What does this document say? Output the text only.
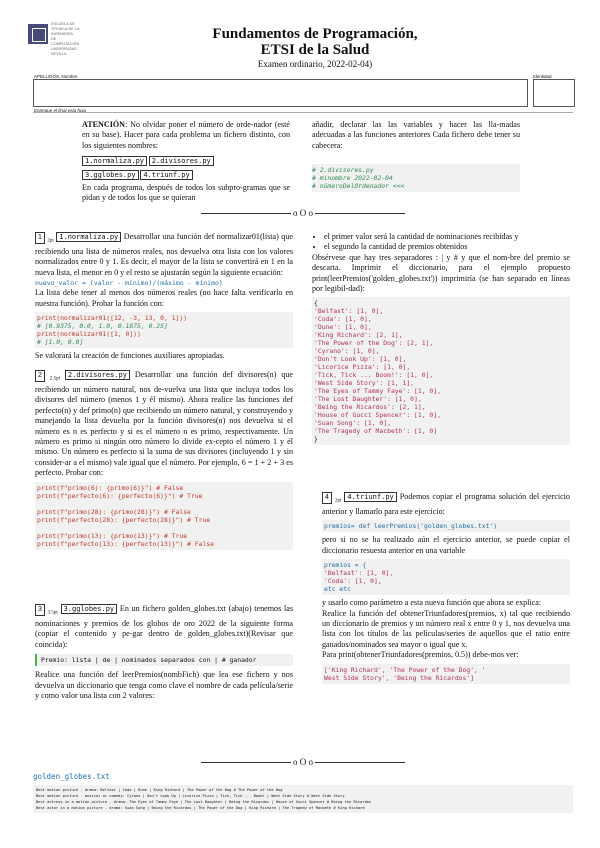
ESCUELA DE
TÉCNICA DE LA
INGENIERÍA
DE
COMPUTACIÓN
UNIVERSIDAD
SEVILLA
Fundamentos de Programación,
ETSI de la Salud
Examen ordinario, 2022-02-04)
APELLIDOS, Nombre	Identidad
Entregue el final esta hoja
ATENCIÓN: No olvidar poner el número de orde-nador (esté en su base). Hacer para cada problema un fichero distinto, con los siguientes nombres:
1.normaliza.py 2.divisores.py
3.gglobes.py 4.triunf.py
En cada programa, después de todos los subpro-gramas que se pidan y de todos los que se quieran
añadir, declarar las las variables y hacer las lla-madas adecuadas a las funciones anteriores Cada fichero debe tener su cabecera:
# 2.divisores.py
# minombre 2022-02-04
# númeroDelOrdenador <<<
o O o
1 $_{2pt}$ 1.normaliza.py Desarrollar una función def normalizar01(lista) que recibiendo una lista de números reales, nos devuelva otra lista con los valores normalizados entre 0 y 1. Es decir, el mayor de la lista se convertirá en 1 en la nueva lista, el menor en 0 y el resto se ajustarán según la siguiente ecuación:
nuevo_valor = (valor - mínimo)/(máximo - mínimo)
La lista debe tener al menos dos números reales (no hace falta verificarlo en nuestra función). Probar la función con:
print(normalizar01([12, -3, 13, 0, 1]))
# [0.9375, 0.0, 1.0, 0.1875, 0.25]
print(normalizar01([1, 0]))
# [1.0, 0.0]
Se valorará la creación de funciones auxiliares apropiadas.
2 $_{2.5pt}$ 2.divisores.py Desarrollar una función def divisores(n) que recibiendo un número natural, nos de-vuelva una lista que incluya todos los divisores del número (menos 1 y él mismo). Ahora realice las funciones def perfecto(n) y def primo(n) que recibiendo un número natural, y construyendo y manejando la lista devuelta por la función divisores(n) nos devuelva si el número es n es perfecto y si es el número n es primo, respectivamente. Un número es primo si ningún otro número lo divide ex-cepto el número 1 y él mismo. Un número es perfecto si la suma de sus divisores (incluyendo 1 y sin consider-ar a el mismo) vale igual que el número. Por ejemplo, 6 = 1 + 2 + 3 es perfecto. Probar con:
print(f"primo(6): {primo(6)}") # False
print(f"perfecto(6): {perfecto(6)}") # True
print(f"primo(28): {primo(28)}") # False
print(f"perfecto(28): {perfecto(28)}") # True
print(f"primo(13): {primo(13)}") # True
print(f"perfecto(13): {perfecto(13)}") # False
3 $_{3.5pt}$ 3.gglobes.py En un fichero golden_globes.txt (abajo) tenemos las nominaciones y premios de los globos de oro 2022 de la siguiente forma (copiar el contenido y pe-gar dentro de golden_globes.txt)(Revisar que coincida):
Premio: lista | de | nominados separados con | # ganador
Realice una función def leerPremios(nombFich) que lea ese fichero y nos devuelva un diccionario que tenga como clave el nombre de cada película/serie y como valor una lista con 2 valores:
• el primer valor será la cantidad de nominaciones recibidas y
• el segundo la cantidad de premios obtenidos
Obsérvese que hay tres separadores : | y # y que el nom-bre del premio se descarta. Imprimir el diccionario, para el ejemplo propuesto print(leerPremios('golden_globes.txt')) imprimiría (se han separado en líneas por legibil-dad):
{
'Belfast': [1, 0],
'Coda': [1, 0],
'Dune': [1, 0],
'King Richard': [2, 1],
'The Power of the Dog': [2, 1],
'Cyrano': [1, 0],
'Don't Look Up': [1, 0],
'Licorice Pizza': [1, 0],
'Tick, Tick ... Boom!': [1, 0],
'West Side Story': [1, 1],
'The Eyes of Tammy Faye': [1, 0],
'The Lost Daughter': [1, 0],
'Being the Ricardos': [2, 1],
'House of Gucci Spencer': [1, 0],
'Suan Song': [1, 0],
'The Tragedy of Macbeth': [1, 0]
}
4 $_{2pt}$ 4.triunf.py Podemos copiar el programa solución del ejercicio anterior y llamarlo para este ejercicio:
premios= def leerPremios('golden_globes.txt')
pero si no se ha realizado aún el ejercicio anterior, se puede copiar el diccionario resuesta anterior en una variable
premios = {
'Belfast': [1, 0],
'Coda': [1, 0],
etc etc
y usarlo como parámetro a esta nueva función que ahora se explica:
Realice la función def obtenerTriunfadores(premios, x) tal que recibiendo un diccionario de premios y un número real x entre 0 y 1, nos devuelva una lista con los títulos de las películas/series de aquellos que el ratio entre ganados/nominados sea mayor o igual que x.
Para print(obtenerTriunfadores(premios, 0.5)) debe-mos ver:
['King Richard', 'The Power of the Dog', '
West Side Story', 'Being the Ricardos']
o O o
golden_globes.txt
Best motion picture - drama: Belfast | Coda | Dune | King Richard | The Power of the Dog # The Power of the Dog
Best motion picture - musical or comedy: Cyrano | Don't Look Up | Licorice Pizza | Tick, Tick ... Boom! | West Side Story # West Side Story
Best actress in a motion picture - drama: The Eyes of Tammy Faye | The Lost Daughter | Being the Ricardos | House of Gucci Spencer # Being the Ricardos
Best actor in a motion picture - drama: Suan Song | Being the Ricardos | The Power of the Dog | King Richard | The Tragedy of Macbeth # King Richard
